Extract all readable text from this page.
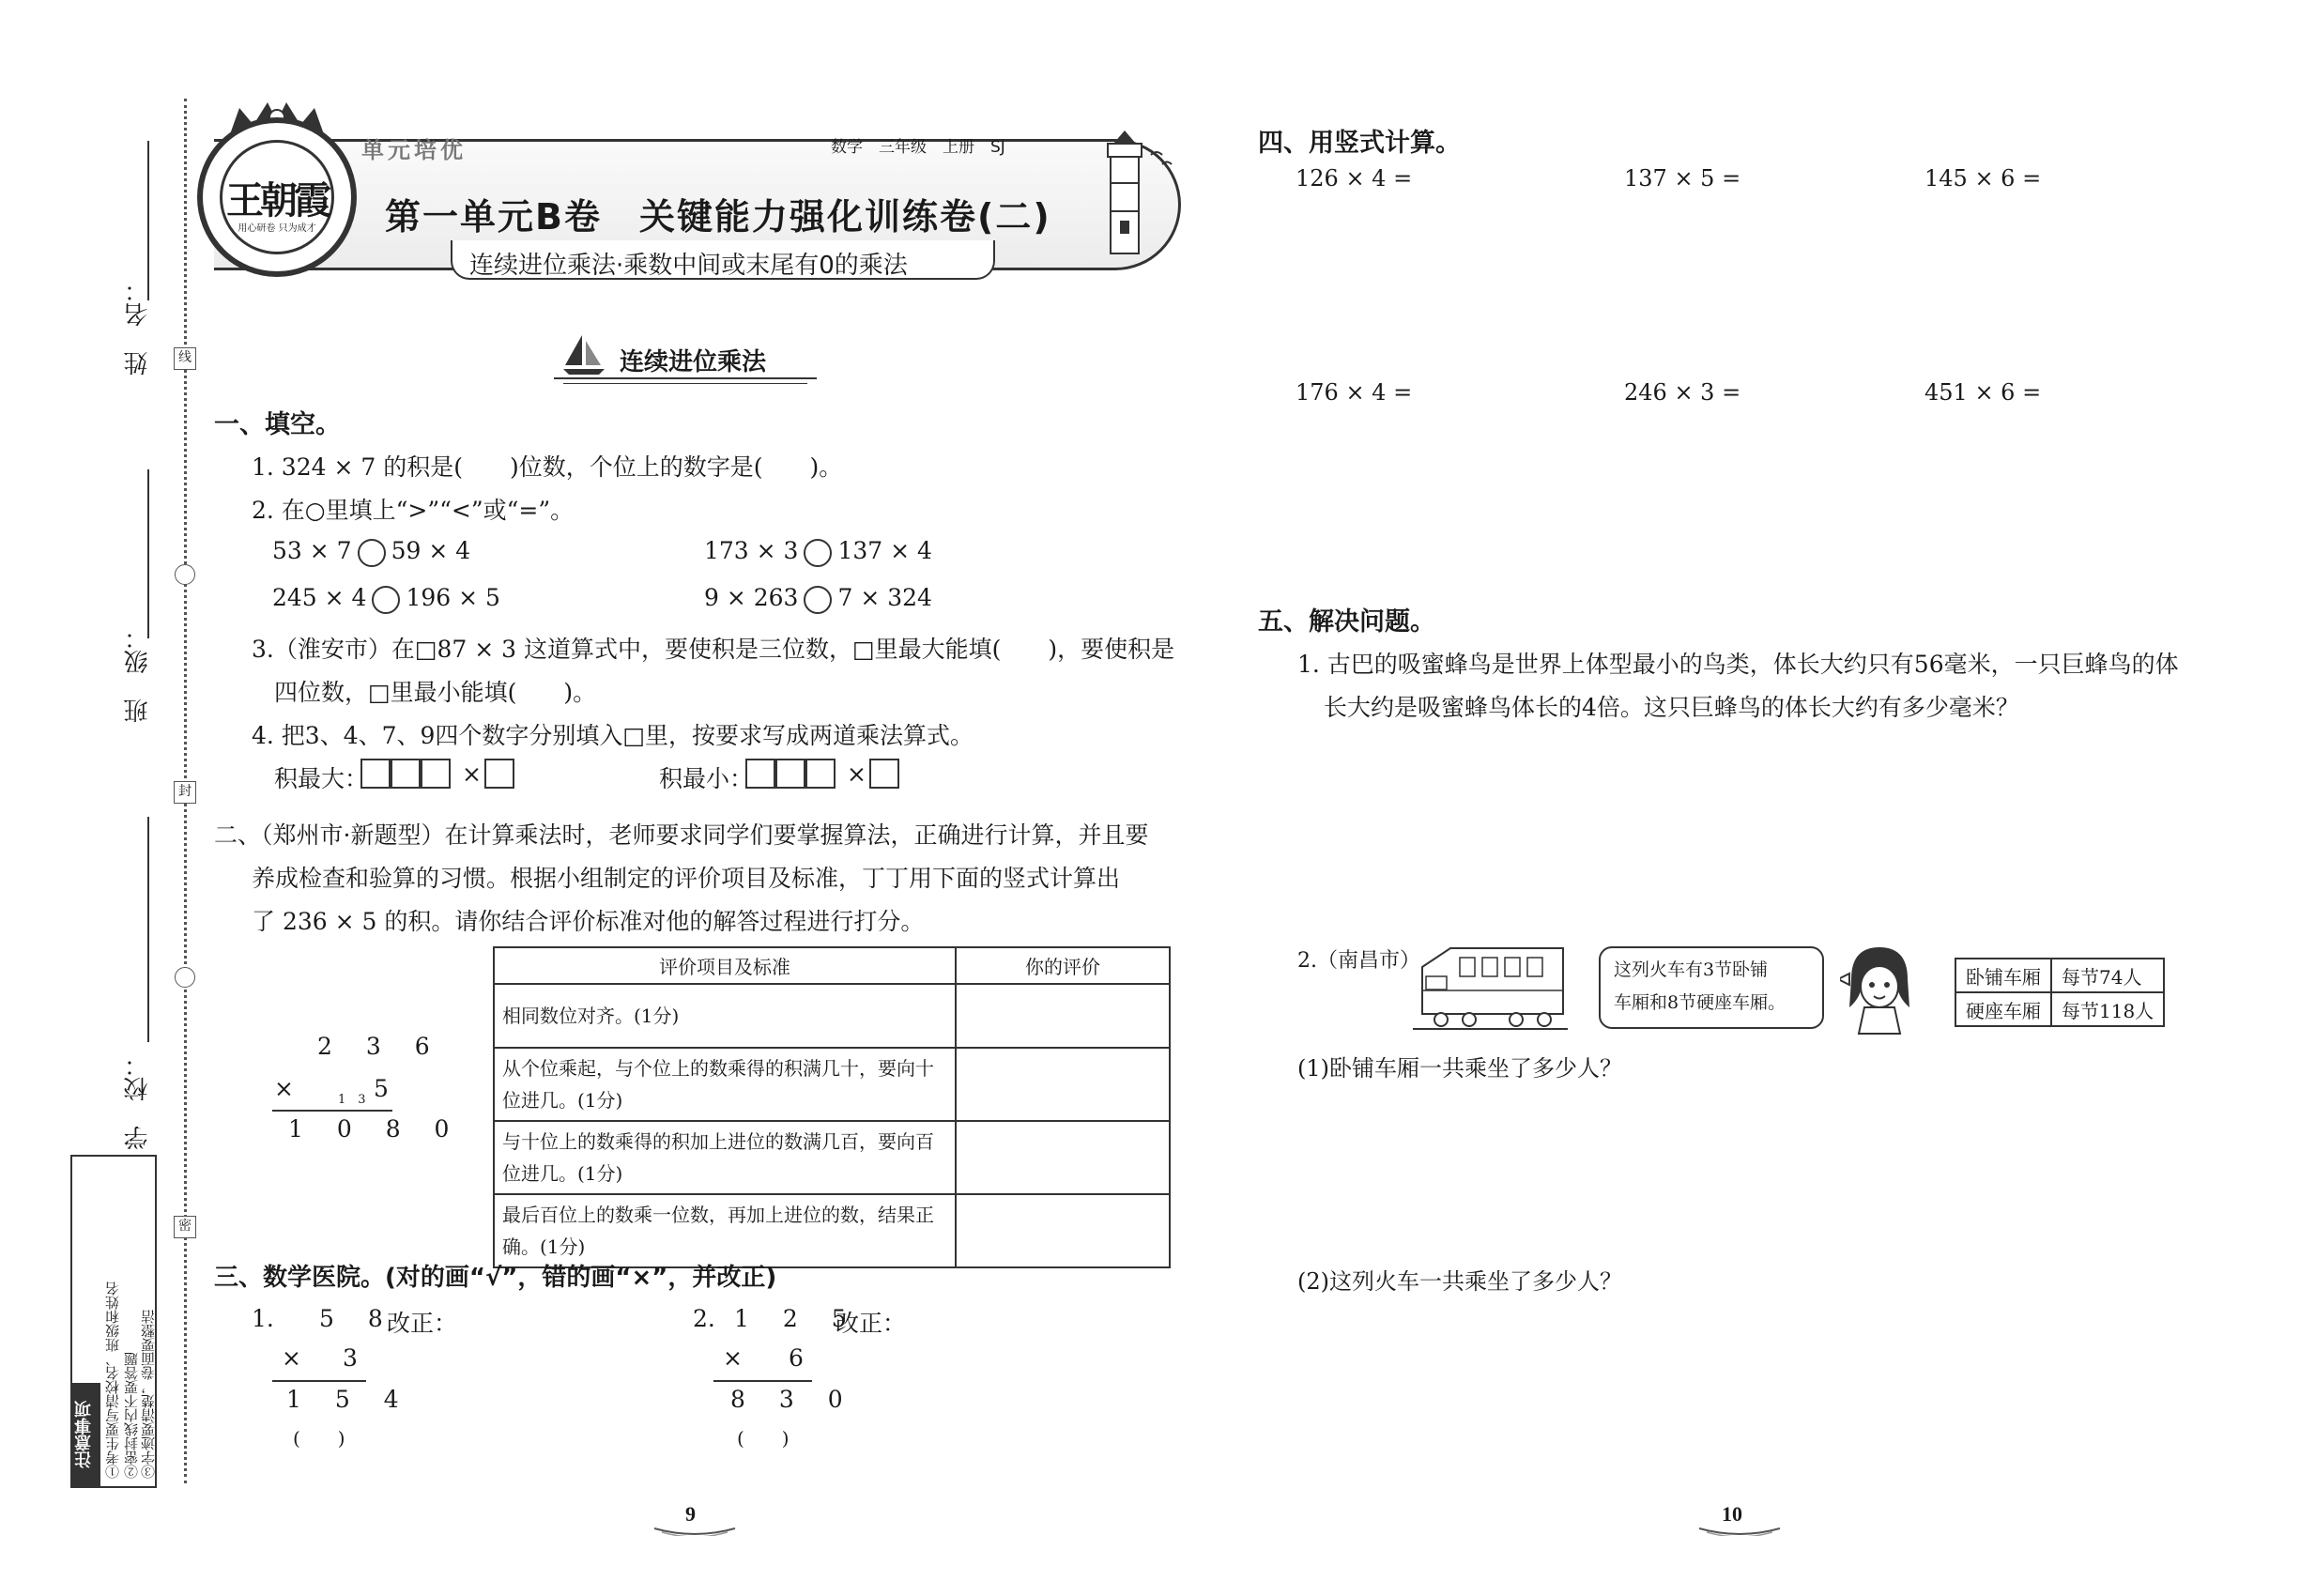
姓　名：
班　级：
学　校：
线
封
密
注意事项 ①考生要写清校名、班级和姓名 ②密封线内不要答题 ③字迹要清楚，卷面要整洁
王朝霞
用心研卷 只为成才
单元培优	数学　三年级　上册　SJ
第一单元B卷　关键能力强化训练卷(二)
连续进位乘法·乘数中间或末尾有0的乘法
连续进位乘法
一、填空。
1. 324 × 7 的积是(　　)位数，个位上的数字是(　　)。
2. 在○里填上“>”“<”或“=”。
53 × 7 59 × 4	173 × 3 137 × 4
245 × 4 196 × 5	9 × 263 7 × 324
3.（淮安市）在□87 × 3 这道算式中，要使积是三位数，□里最大能填(　　)，要使积是
四位数，□里最小能填(　　)。
4. 把3、4、7、9四个数字分别填入□里，按要求写成两道乘法算式。
积最大：	×	积最小：	×
二、（郑州市·新题型）在计算乘法时，老师要求同学们要掌握算法，正确进行计算，并且要
养成检查和验算的习惯。根据小组制定的评价项目及标准，丁丁用下面的竖式计算出
了 236 × 5 的积。请你结合评价标准对他的解答过程进行打分。
2 3 6
×	1　3 5
1 0 8 0
评价项目及标准	你的评价
相同数位对齐。(1分)	
从个位乘起，与个位上的数乘得的积满几十，要向十位进几。(1分)	
与十位上的数乘得的积加上进位的数满几百，要向百位进几。(1分)	
最后百位上的数乘一位数，再加上进位的数，结果正确。(1分)	
三、数学医院。(对的画“√”，错的画“×”，并改正)
1. 5 8
改正：
× 3
1 5 4
(　　)
2. 1 2 5
改正：
× 6
8 3 0
(　　)
9
四、用竖式计算。
126 × 4 =	137 × 5 =	145 × 6 =
176 × 4 =	246 × 3 =	451 × 6 =
五、解决问题。
1. 古巴的吸蜜蜂鸟是世界上体型最小的鸟类，体长大约只有56毫米，一只巨蜂鸟的体
长大约是吸蜜蜂鸟体长的4倍。这只巨蜂鸟的体长大约有多少毫米？
2.（南昌市）	这列火车有3节卧铺
车厢和8节硬座车厢。
卧铺车厢	每节74人
硬座车厢	每节118人
(1)卧铺车厢一共乘坐了多少人？
(2)这列火车一共乘坐了多少人？
10
